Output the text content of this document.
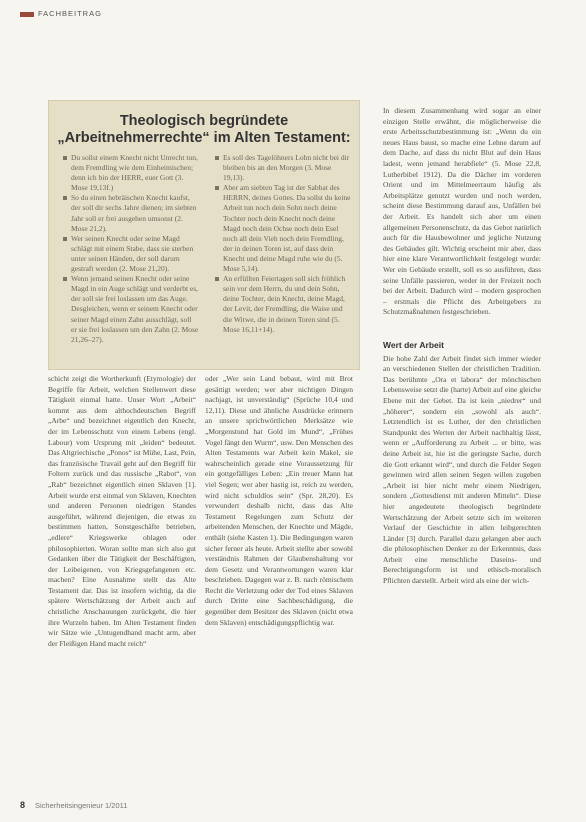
FACHBEITRAG
Theologisch begründete „Arbeitnehmerrechte“ im Alten Testament:
Du sollst einem Knecht nicht Unrecht tun, dem Fremdling wie dem Einheimischen; denn ich bin der HERR, euer Gott (3. Mose 19,13f.)
So du einen hebräischen Knecht kaufst, der soll dir sechs Jahre dienen; im siebten Jahr soll er frei ausgehen umsonst (2. Mose 21,2).
Wer seinen Knecht oder seine Magd schlägt mit einem Stabe, dass sie sterben unter seinen Händen, der soll darum gestraft werden (2. Mose 21,20).
Wenn jemand seinen Knecht oder seine Magd in ein Auge schlägt und verderbt es, der soll sie frei loslassen um das Auge. Desgleichen, wenn er seinem Knecht oder seiner Magd einen Zahn ausschlägt, soll er sie frei loslassen um den Zahn (2. Mose 21,26–27).
Es soll des Tagelöhners Lohn nicht bei dir bleiben bis an den Morgen (3. Mose 19,13).
Aber am siebten Tag ist der Sabbat des HERRN, deines Gottes. Da sollst du keine Arbeit tun noch dein Sohn noch deine Tochter noch dein Knecht noch deine Magd noch dein Ochse noch dein Esel noch all dein Vieh noch dein Fremdling, der in deinen Toren ist, auf dass dein Knecht und deine Magd ruhe wie du (5. Mose 5,14).
An erfüllten Feiertagen soll sich fröhlich sein vor dem Herrn, du und dein Sohn, deine Tochter, dein Knecht, deine Magd, der Levit, der Fremdling, die Waise und die Witwe, die in deinen Toren sind (5. Mose 16,11+14).

schicht zeigt die Wortherkunft (Etymologie) der Begriffe für Arbeit, welchen Stellenwert diese Tätigkeit einmal hatte. Unser Wort „Arbeit“ kommt aus dem althochdeutschen Begriff „Arbe“ und bezeichnet eigentlich den Knecht, der im Lebensschutz von einem Lebens (engl. Labour) vom Ursprung mit „leiden“ bedeutet. Das Altgriechische „Ponos“ ist Mühe, Last, Pein, das französische Travail geht auf den Begriff für Foltern zurück und das russische „Rabot“, von „Rab“ bezeichnet eigentlich einen Sklaven [1]. Arbeit wurde erst einmal von Sklaven, Knechten und anderen Personen niedrigen Standes ausgeführt, während diejenigen, die etwas zu bestimmen hatten, Sonstgeschäfte betrieben, „edlere“ Kriegswerke oblagen oder philosophierten. Woran sollte man sich also gut Gedanken über die Tätigkeit der Beschäftigten, der Leibeigenen, von Kriegsgefangenen etc. machen? Eine Ausnahme stellt das Alte Testament dar. Das ist insofern wichtig, da die spätere Wertschätzung der Arbeit auch auf christliche Anschauungen zurückgeht, die hier ihre Wurzeln haben. Im Alten Testament finden wir Sätze wie „Untugendhand macht arm, aber der Fleißigen Hand macht reich“

oder „Wer sein Land bebaut, wird mit Brot gesättigt werden; wer aber nichtigen Dingen nachjagt, ist unverständig“ (Sprüche 10,4 und 12,11). Diese und ähnliche Ausdrücke erinnern an unsere sprichwörtlichen Merksätze wie „Morgenstund hat Gold im Mund“, „Frühes Vogel fängt den Wurm“, usw. Den Menschen des Alten Testaments war Arbeit kein Makel, sie wahrscheinlich gerade eine Voraussetzung für ein gottgefälliges Leben: „Ein treuer Mann hat viel Segen; wer aber hastig ist, reich zu werden, wird nicht schuldlos sein“ (Spr. 28,20). Es verwundert deshalb nicht, dass das Alte Testament Regelungen zum Schutz der arbeitenden Menschen, der Knechte und Mägde, enthält (siehe Kasten 1). Die Bedingungen waren sicher ferner als heute. Arbeit stellte aber sowohl verständnis Rahmen der Glaubenshaltung vor dem Gesetz und Verantwortungen waren klar beschrieben. Dagegen war z. B. nach römischem Recht die Verletzung oder der Tod eines Sklaven durch Dritte eine Sachbeschädigung, die gegenüber dem Besitzer des Sklaven (nicht etwa dem Sklaven) entschädigungspflichtig war.

In diesem Zusammenhang wird sogar an einer einzigen Stelle erwähnt, die möglicherweise die erste Arbeitsschutzbestimmung ist: „Wenn du ein neues Haus baust, so mache eine Lehne darum auf dem Dache, auf dass du nicht Blut auf dein Haus ladest, wenn jemand herabfiele“ (5. Mose 22,8, Lutherbibel 1912). Da die Dächer im vorderen Orient und im Mittelmeerraum häufig als Arbeitsplätze genutzt wurden und noch werden, scheint diese Bestimmung darauf aus, Unfällen bei der Arbeit. Es handelt sich aber um einen allgemeinen Personenschutz, da das Gebot natürlich auch für die Hausbewohner und jegliche Nutzung des Gebäudes gilt. Wichtig erscheint mir aber, dass hier eine klare Verantwortlichkeit festgelegt wurde: Wer ein Gebäude erstellt, soll es so ausführen, dass seine Unfälle passieren, weder in der Freizeit noch bei der Arbeit. Dadurch wird – modern gesprochen – erstmals die Pflicht des Arbeitgebers zu Schutzmaßnahmen festgeschrieben.

Wert der Arbeit

Die hohe Zahl der Arbeit findet sich immer wieder an verschiedenen Stellen der christlichen Tradition. Das berühmte „Ora et labora“ der mönchischen Lebensweise setzt die (harte) Arbeit auf eine gleiche Ebene mit der Gebet. Da ist kein „niedrer“ und „höherer“, sondern ein „sowohl als auch“. Letztendlich ist es Luther, der den christlichen Standpunkt des Werten der Arbeit nachhaltig lässt, wenn er „Aufforderung zu Arbeit ... er bitte, was deine Arbeit ist, hie ist die geringste Sache, durch die Gott erkannt wird“, und durch die Felder Segen gewinnen wird allen seinen Segen willen zugeben „Arbeit ist hier nicht mehr einem Niedrigen, sondern „Gottesdienst mit anderen Mitteln“. Diese hier angedeutete theologisch begründete Wertschätzung der Arbeit setzte sich im weiteren Verlauf der Geschichte in allen leibgerechten Länder [3] durch. Parallel dazu gelangen aber auch die philosophischen Denker zu der Erkenntnis, dass Arbeit eine menschliche Daseins- und Berechtigungsform ist und ethisch-moralisch Pflichten darstellt. Arbeit wird als eine der wich-

8 Sicherheitsingenieur 1/2011
